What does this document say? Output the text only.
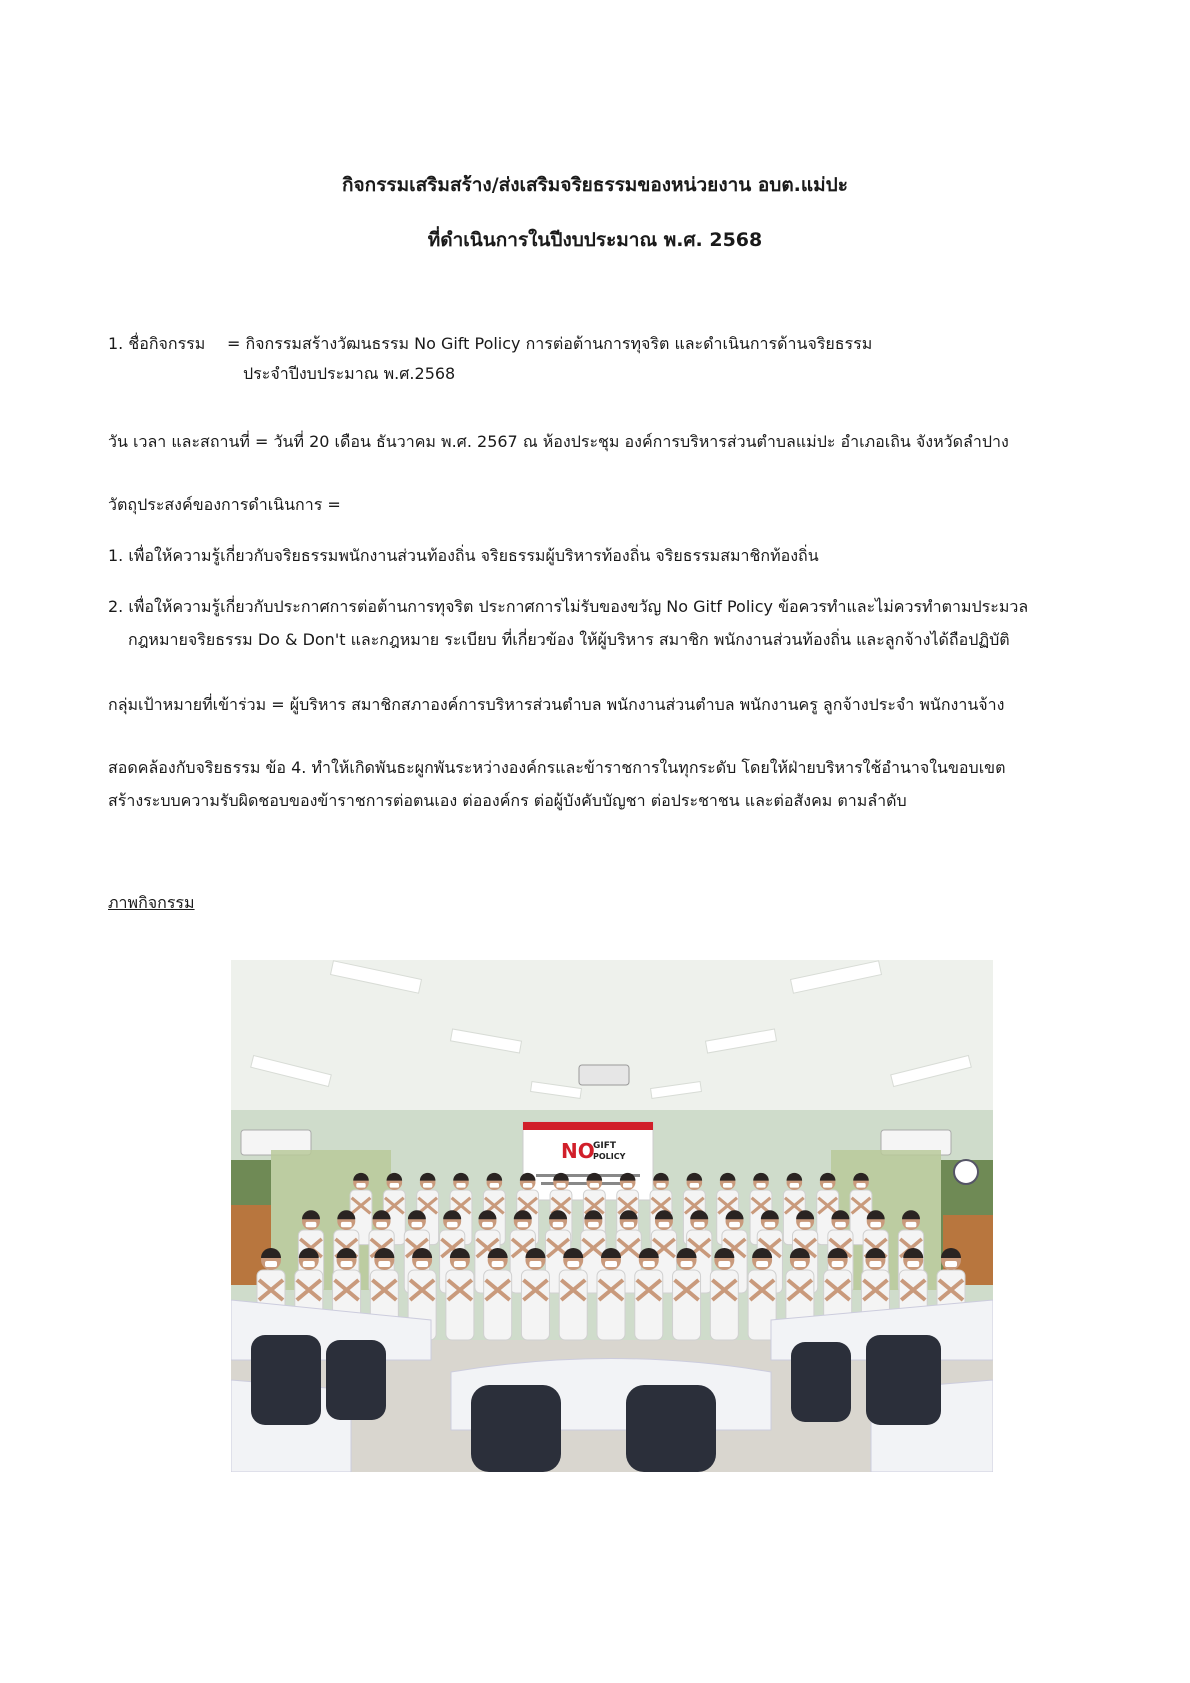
กิจกรรมเสริมสร้าง/ส่งเสริมจริยธรรมของหน่วยงาน อบต.แม่ปะ
ที่ดำเนินการในปีงบประมาณ พ.ศ. 2568

1. ชื่อกิจกรรม = กิจกรรมสร้างวัฒนธรรม No Gift Policy การต่อต้านการทุจริต และดำเนินการด้านจริยธรรม

ประจำปีงบประมาณ พ.ศ.2568

วัน เวลา และสถานที่ = วันที่ 20 เดือน ธันวาคม พ.ศ. 2567 ณ ห้องประชุม องค์การบริหารส่วนตำบลแม่ปะ อำเภอเถิน จังหวัดลำปาง

วัตถุประสงค์ของการดำเนินการ =

1. เพื่อให้ความรู้เกี่ยวกับจริยธรรมพนักงานส่วนท้องถิ่น จริยธรรมผู้บริหารท้องถิ่น จริยธรรมสมาชิกท้องถิ่น

2. เพื่อให้ความรู้เกี่ยวกับประกาศการต่อต้านการทุจริต ประกาศการไม่รับของขวัญ No Gitf Policy ข้อควรทำและไม่ควรทำตามประมวล

กฎหมายจริยธรรม Do & Don't และกฎหมาย ระเบียบ ที่เกี่ยวข้อง ให้ผู้บริหาร สมาชิก พนักงานส่วนท้องถิ่น และลูกจ้างได้ถือปฏิบัติ

กลุ่มเป้าหมายที่เข้าร่วม = ผู้บริหาร สมาชิกสภาองค์การบริหารส่วนตำบล พนักงานส่วนตำบล พนักงานครู ลูกจ้างประจำ พนักงานจ้าง

สอดคล้องกับจริยธรรม ข้อ 4. ทำให้เกิดพันธะผูกพันระหว่างองค์กรและข้าราชการในทุกระดับ โดยให้ฝ่ายบริหารใช้อำนาจในขอบเขต

สร้างระบบความรับผิดชอบของข้าราชการต่อตนเอง ต่อองค์กร ต่อผู้บังคับบัญชา ต่อประชาชน และต่อสังคม ตามลำดับ

ภาพกิจกรรม

NO
GIFT
POLICY
